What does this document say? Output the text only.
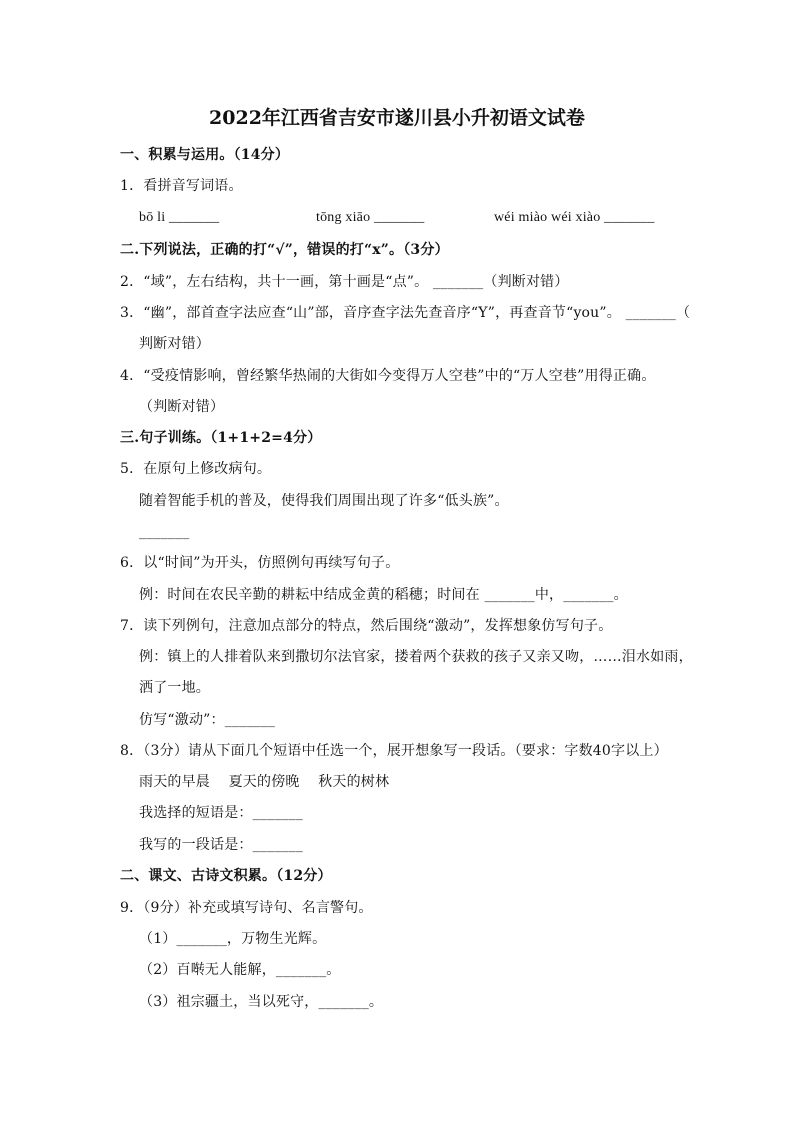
2022年江西省吉安市遂川县小升初语文试卷
一、积累与运用。（14分）
1．看拼音写词语。
bō li _______	tōng xiāo _______	wéi miào wéi xiào _______
二.下列说法，正确的打“√”，错误的打“x”。（3分）
2．“域”，左右结构，共十一画，第十画是“点”。 _______（判断对错）
3．“幽”，部首查字法应查“山”部，音序查字法先查音序“Y”，再查音节“you”。 _______（
判断对错）
4．“受疫情影响，曾经繁华热闹的大街如今变得万人空巷”中的“万人空巷”用得正确。
（判断对错）
三.句子训练。（1+1+2=4分）
5．在原句上修改病句。
随着智能手机的普及，使得我们周围出现了许多“低头族”。
_______
6．以“时间”为开头，仿照例句再续写句子。
例：时间在农民辛勤的耕耘中结成金黄的稻穗；时间在 _______中，_______。
7．读下列例句，注意加点部分的特点，然后围绕“激动”，发挥想象仿写句子。
例：镇上的人排着队来到撒切尔法官家，搂着两个获救的孩子又亲又吻，……泪水如雨，
洒了一地。
仿写“激动”：_______
8．（3分）请从下面几个短语中任选一个，展开想象写一段话。（要求：字数40字以上）
雨天的早晨    夏天的傍晚    秋天的树林
我选择的短语是：_______
我写的一段话是：_______
二、课文、古诗文积累。（12分）
9．（9分）补充或填写诗句、名言警句。
（1）_______，万物生光辉。
（2）百啭无人能解，_______。
（3）祖宗疆土，当以死守，_______。
